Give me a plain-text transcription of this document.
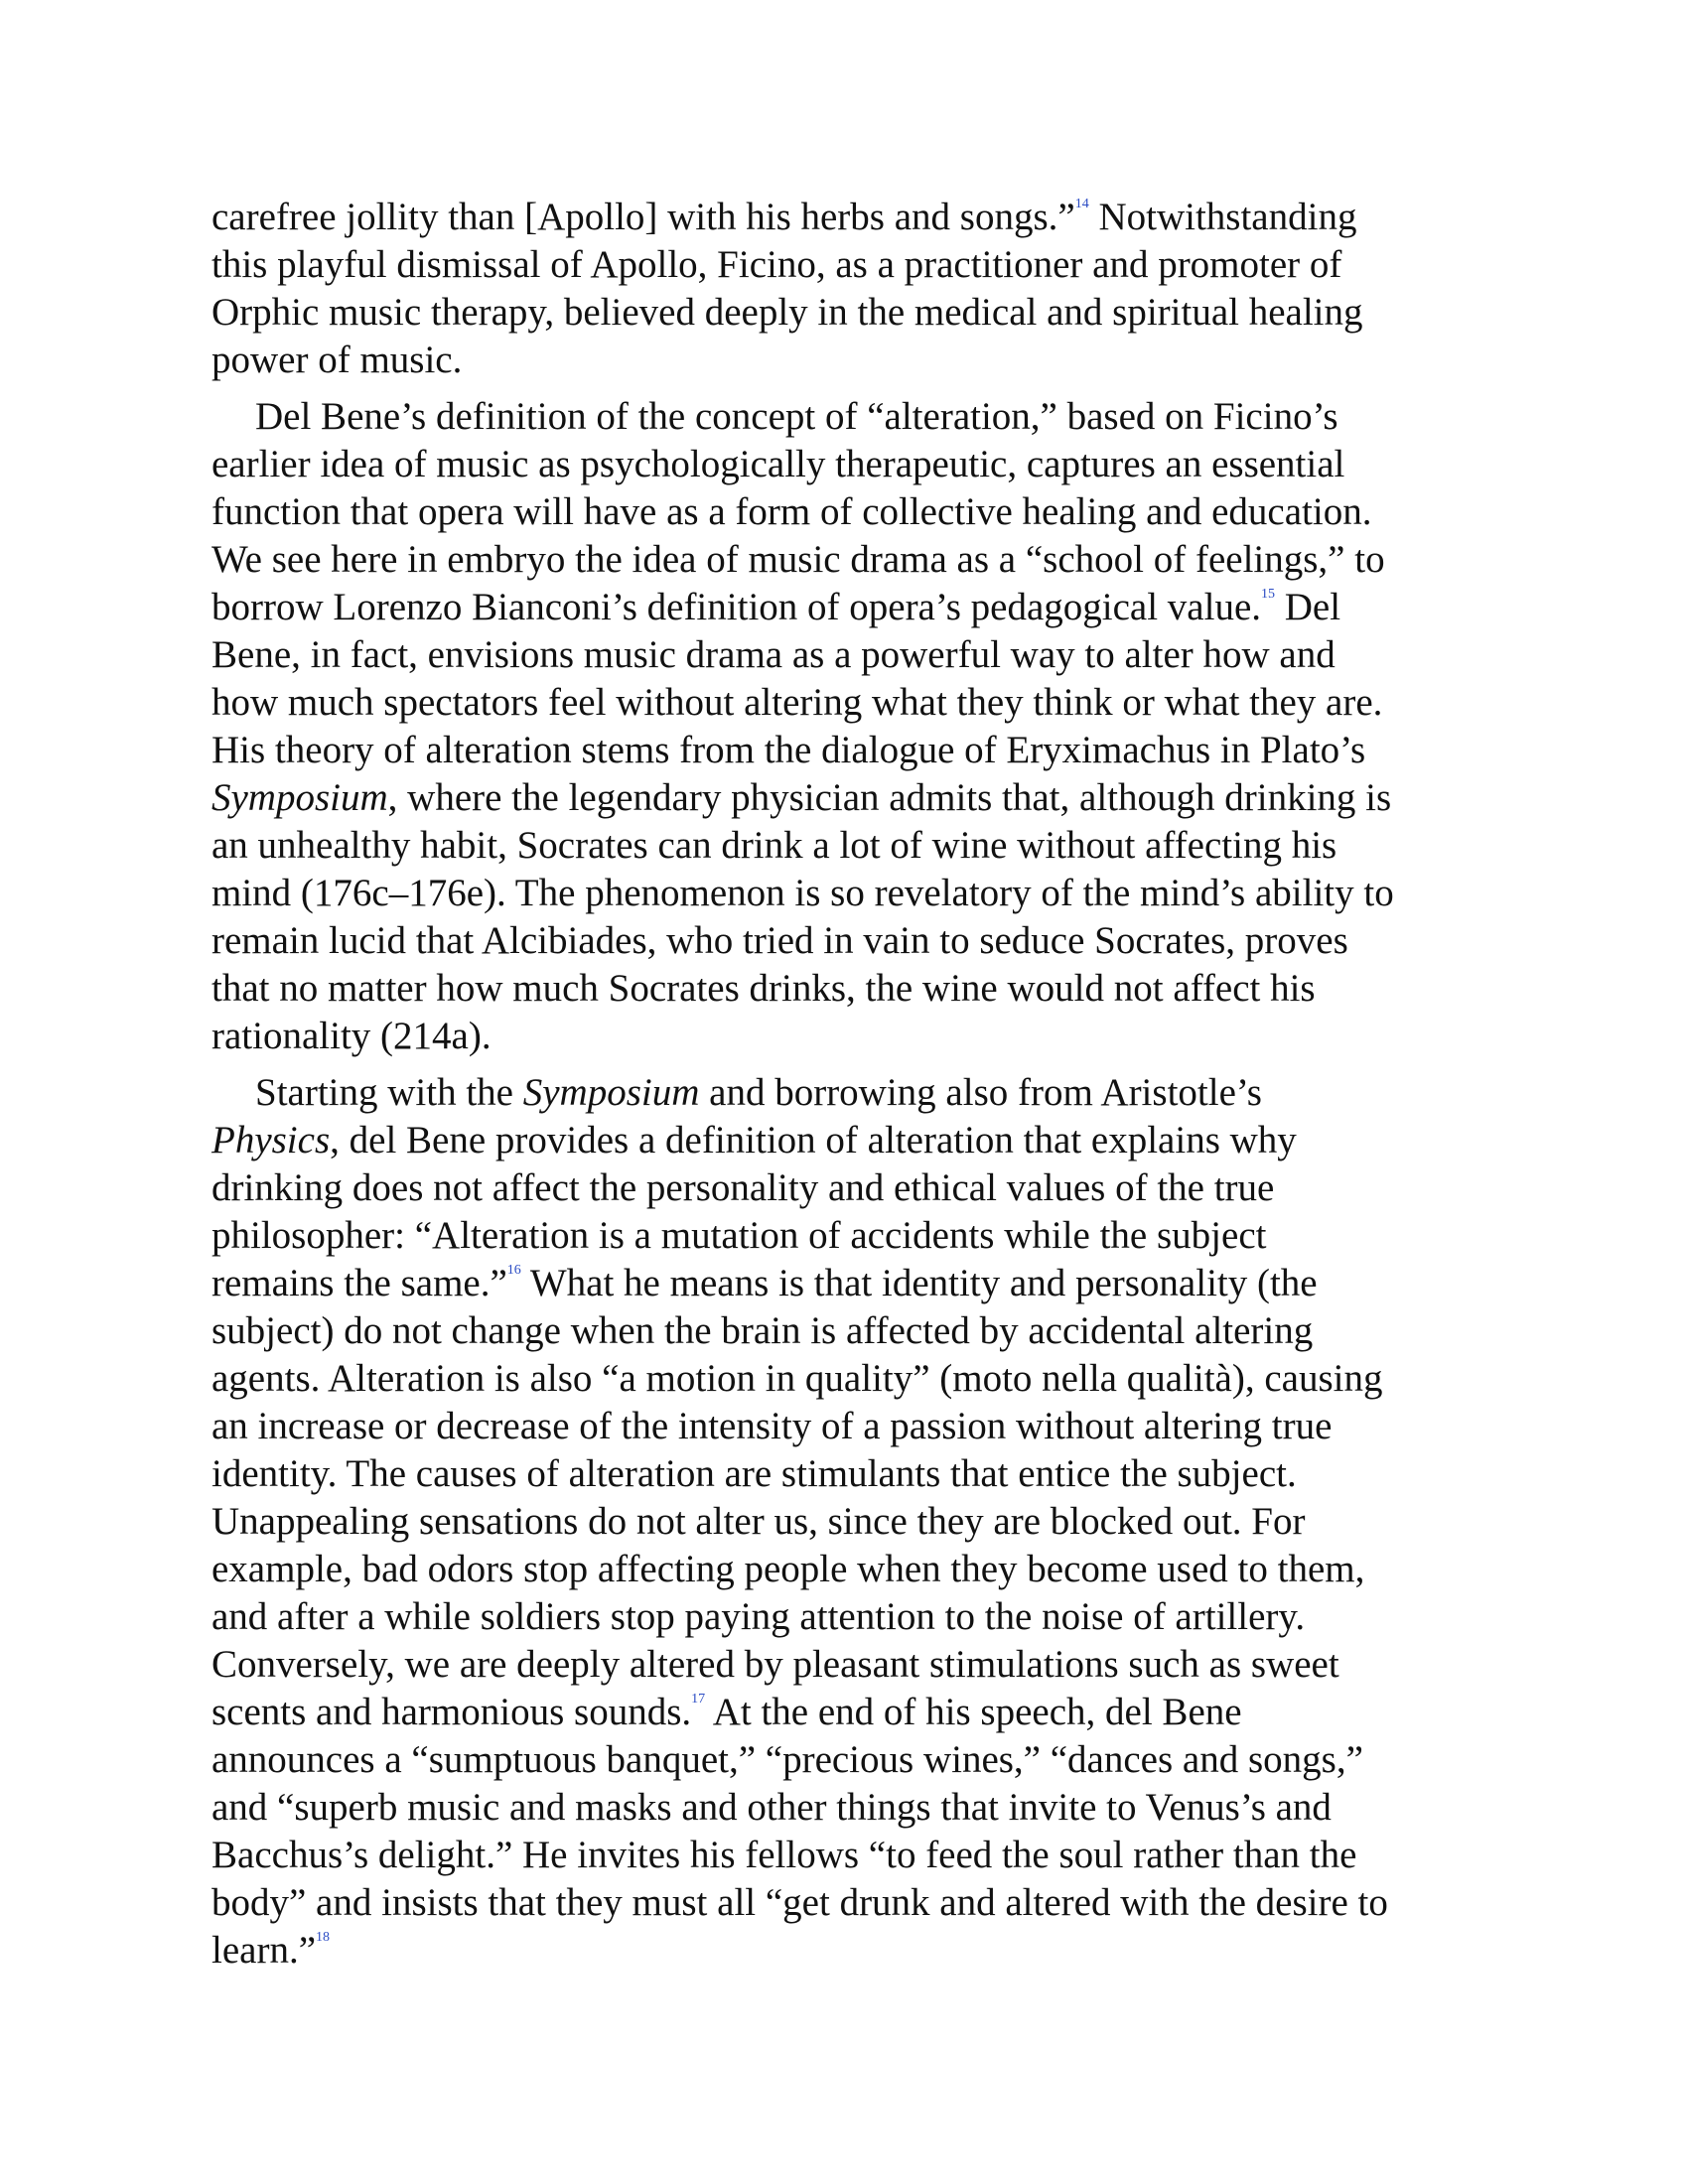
carefree jollity than [Apollo] with his herbs and songs.”$^{14}$ Notwithstanding
this playful dismissal of Apollo, Ficino, as a practitioner and promoter of
Orphic music therapy, believed deeply in the medical and spiritual healing
power of music.
Del Bene’s definition of the concept of “alteration,” based on Ficino’s
earlier idea of music as psychologically therapeutic, captures an essential
function that opera will have as a form of collective healing and education.
We see here in embryo the idea of music drama as a “school of feelings,” to
borrow Lorenzo Bianconi’s definition of opera’s pedagogical value.$^{15}$ Del
Bene, in fact, envisions music drama as a powerful way to alter how and
how much spectators feel without altering what they think or what they are.
His theory of alteration stems from the dialogue of Eryximachus in Plato’s
Symposium, where the legendary physician admits that, although drinking is
an unhealthy habit, Socrates can drink a lot of wine without affecting his
mind (176c–176e). The phenomenon is so revelatory of the mind’s ability to
remain lucid that Alcibiades, who tried in vain to seduce Socrates, proves
that no matter how much Socrates drinks, the wine would not affect his
rationality (214a).
Starting with the Symposium and borrowing also from Aristotle’s
Physics, del Bene provides a definition of alteration that explains why
drinking does not affect the personality and ethical values of the true
philosopher: “Alteration is a mutation of accidents while the subject
remains the same.”$^{16}$ What he means is that identity and personality (the
subject) do not change when the brain is affected by accidental altering
agents. Alteration is also “a motion in quality” (moto nella qualità), causing
an increase or decrease of the intensity of a passion without altering true
identity. The causes of alteration are stimulants that entice the subject.
Unappealing sensations do not alter us, since they are blocked out. For
example, bad odors stop affecting people when they become used to them,
and after a while soldiers stop paying attention to the noise of artillery.
Conversely, we are deeply altered by pleasant stimulations such as sweet
scents and harmonious sounds.$^{17}$ At the end of his speech, del Bene
announces a “sumptuous banquet,” “precious wines,” “dances and songs,”
and “superb music and masks and other things that invite to Venus’s and
Bacchus’s delight.” He invites his fellows “to feed the soul rather than the
body” and insists that they must all “get drunk and altered with the desire to
learn.”$^{18}$
